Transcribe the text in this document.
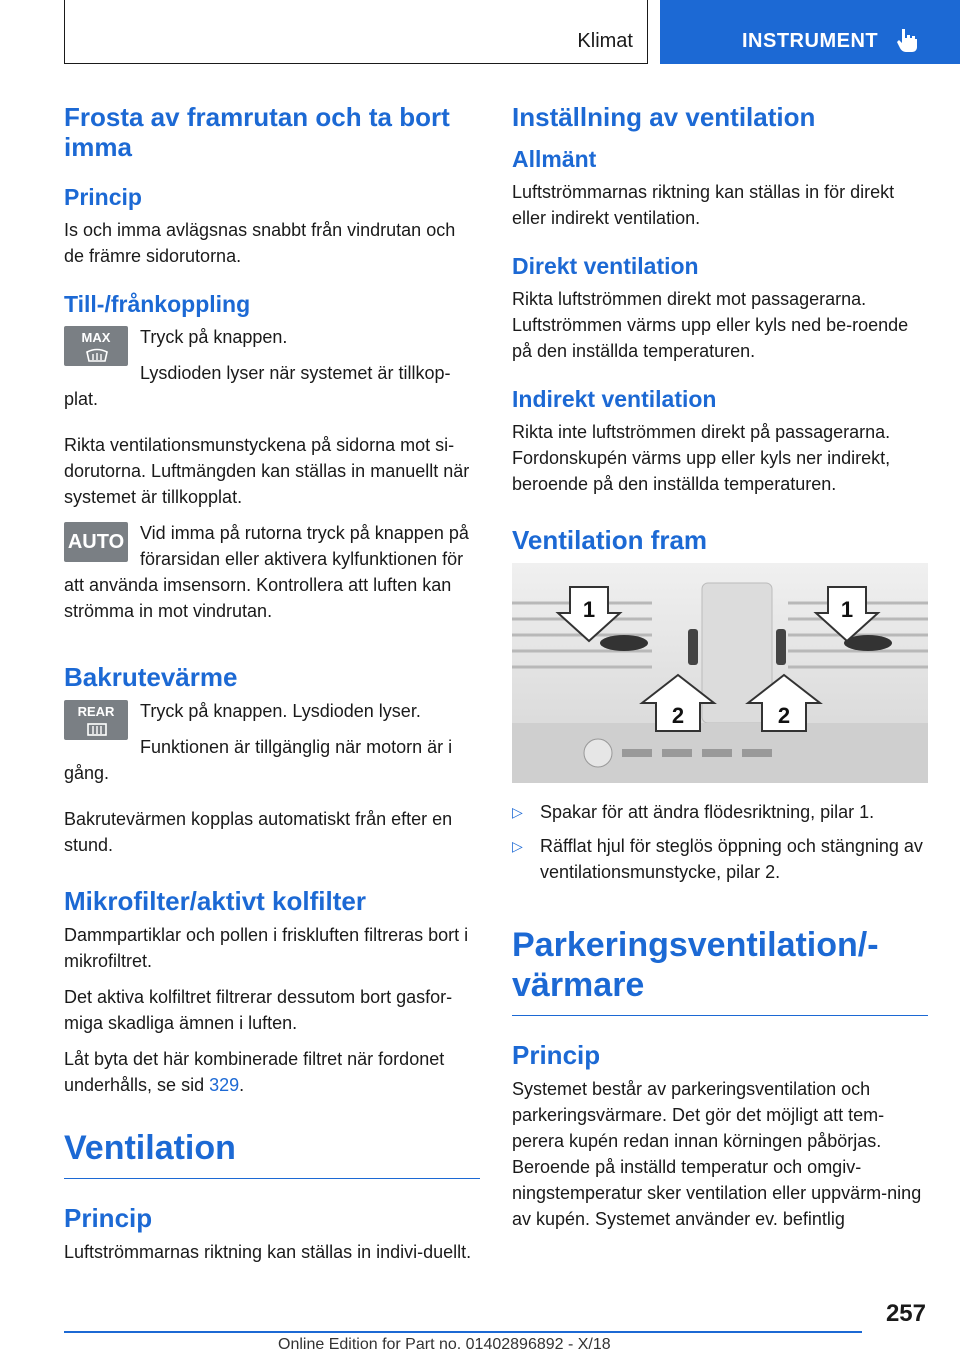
Klimat	INSTRUMENT
Frosta av framrutan och ta bort imma
Princip

Is och imma avlägsnas snabbt från vindrutan och de främre sidorutorna.

Till-/frånkoppling
MAX	Tryck på knappen.

Lysdioden lyser när systemet är tillkop-plat.

Rikta ventilationsmunstyckena på sidorna mot si-dorutorna. Luftmängden kan ställas in manuellt när systemet är tillkopplat.

AUTO Vid imma på rutorna tryck på knappen på förarsidan eller aktivera kylfunktionen för att använda imsensorn. Kontrollera att luften kan strömma in mot vindrutan.

Bakrutevärme
REAR	Tryck på knappen. Lysdioden lyser.

Funktionen är tillgänglig när motorn är i gång.

Bakrutevärmen kopplas automatiskt från efter en stund.

Mikrofilter/aktivt kolfilter

Dammpartiklar och pollen i friskluften filtreras bort i mikrofiltret.

Det aktiva kolfiltret filtrerar dessutom bort gasfor-miga skadliga ämnen i luften.

Låt byta det här kombinerade filtret när fordonet underhålls, se sid 329.

Ventilation
Princip

Luftströmmarnas riktning kan ställas in indivi-duellt.

Inställning av ventilation
Allmänt

Luftströmmarnas riktning kan ställas in för direkt eller indirekt ventilation.

Direkt ventilation

Rikta luftströmmen direkt mot passagerarna. Luftströmmen värms upp eller kyls ned be-roende på den inställda temperaturen.

Indirekt ventilation

Rikta inte luftströmmen direkt på passagerarna. Fordonskupén värms upp eller kyls ner indirekt, beroende på den inställda temperaturen.

Ventilation fram
1	1
2	2
▷ Spakar för att ändra flödesriktning, pilar 1.
▷ Räfflat hjul för steglös öppning och stängning av ventilationsmunstycke, pilar 2.
Parkeringsventilation/-värmare
Princip

Systemet består av parkeringsventilation och parkeringsvärmare. Det gör det möjligt att tem-perera kupén redan innan körningen påbörjas. Beroende på inställd temperatur och omgiv-ningstemperatur sker ventilation eller uppvärm-ning av kupén. Systemet använder ev. befintlig

257
Online Edition for Part no. 01402896892 - X/18
